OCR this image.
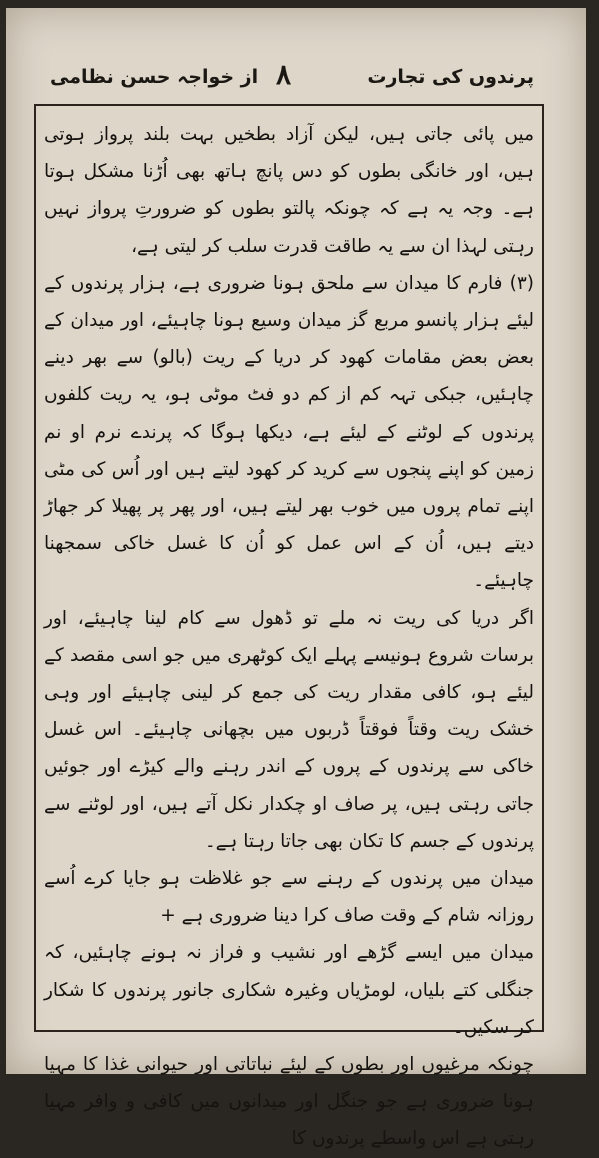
پرندوں کی تجارت
۸
از خواجہ حسن نظامی

میں پائی جاتی ہیں، لیکن آزاد بطخیں بہت بلند پرواز ہوتی ہیں، اور خانگی بطوں کو دس پانچ ہاتھ بھی اُڑنا مشکل ہوتا ہے۔ وجہ یہ ہے کہ چونکہ پالتو بطوں کو ضرورتِ پرواز نہیں رہتی لہذا ان سے یہ طاقت قدرت سلب کر لیتی ہے،

(۳) فارم کا میدان سے ملحق ہونا ضروری ہے، ہزار پرندوں کے لیئے ہزار پانسو مربع گز میدان وسیع ہونا چاہیئے، اور میدان کے بعض بعض مقامات کھود کر دریا کے ریت (بالو) سے بھر دینے چاہئیں، جبکی تہہ کم از کم دو فٹ موٹی ہو، یہ ریت کلفوں پرندوں کے لوٹنے کے لیئے ہے، دیکھا ہوگا کہ پرندے نرم او نم زمین کو اپنے پنجوں سے کرید کر کھود لیتے ہیں اور اُس کی مٹی اپنے تمام پروں میں خوب بھر لیتے ہیں، اور پھر پر پھیلا کر جھاڑ دیتے ہیں، اُن کے اس عمل کو اُن کا غسل خاکی سمجھنا چاہیئے۔

اگر دریا کی ریت نہ ملے تو ڈھول سے کام لینا چاہیئے، اور برسات شروع ہونیسے پہلے ایک کوٹھری میں جو اسی مقصد کے لیئے ہو، کافی مقدار ریت کی جمع کر لینی چاہیئے اور وہی خشک ریت وقتاً فوقتاً ڈربوں میں بچھانی چاہیئے۔ اس غسل خاکی سے پرندوں کے پروں کے اندر رہنے والے کیڑے اور جوئیں جاتی رہتی ہیں، پر صاف او چکدار نکل آتے ہیں، اور لوٹنے سے پرندوں کے جسم کا تکان بھی جاتا رہتا ہے۔

میدان میں پرندوں کے رہنے سے جو غلاظت ہو جایا کرے اُسے روزانہ شام کے وقت صاف کرا دینا ضروری ہے +

میدان میں ایسے گڑھے اور نشیب و فراز نہ ہونے چاہئیں، کہ جنگلی کتے بلیاں، لومڑیاں وغیرہ شکاری جانور پرندوں کا شکار کر سکیں۔

چونکہ مرغیوں اور بطوں کے لیئے نباتاتی اور حیوانی غذا کا مہیا ہونا ضروری ہے جو جنگل اور میدانوں میں کافی و وافر مہیا رہتی ہے اس واسطے پرندوں کا
